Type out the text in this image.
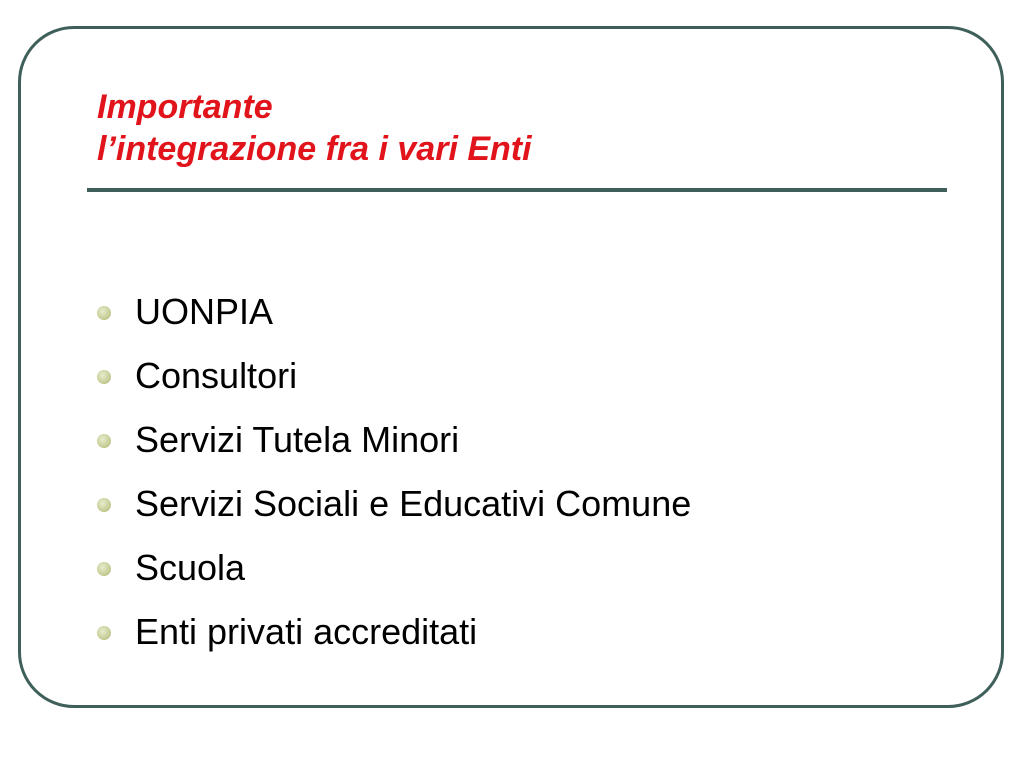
Importante
l’integrazione fra i vari Enti
UONPIA
Consultori
Servizi Tutela Minori
Servizi Sociali e Educativi Comune
Scuola
Enti privati accreditati
